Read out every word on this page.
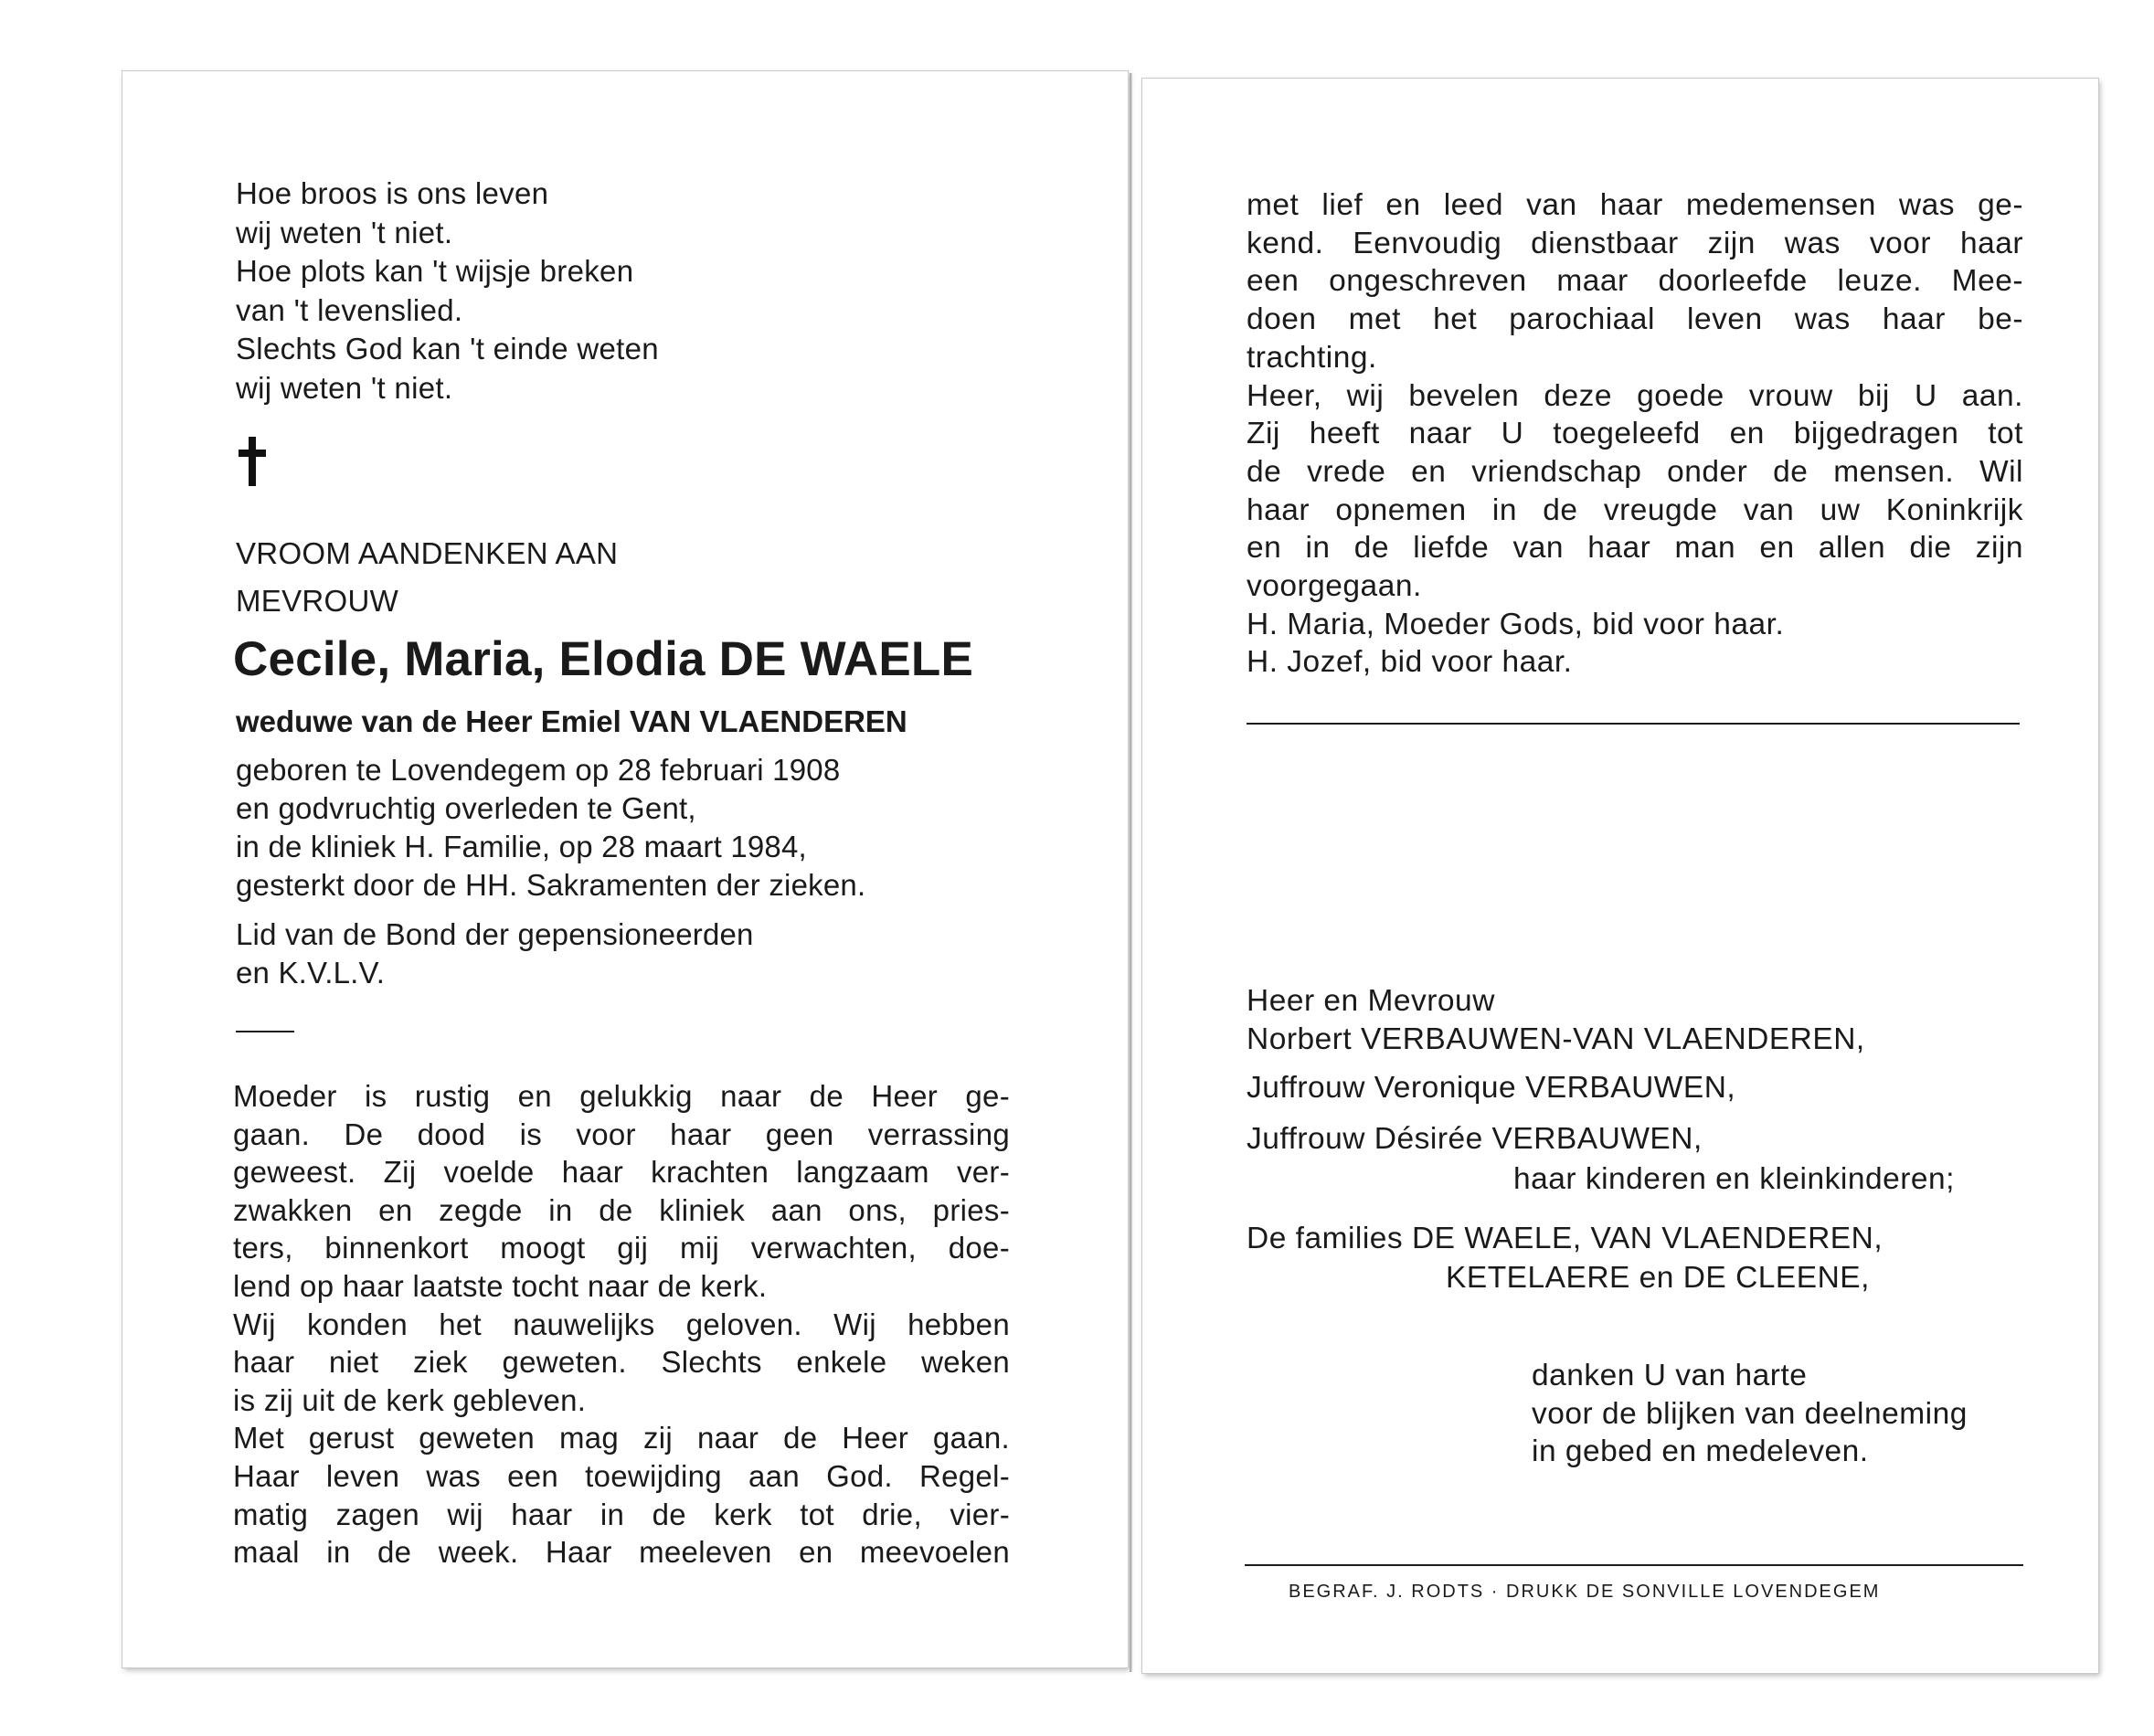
Hoe broos is ons leven
wij weten 't niet.
Hoe plots kan 't wijsje breken
van 't levenslied.
Slechts God kan 't einde weten
wij weten 't niet.
VROOM AANDENKEN AAN
MEVROUW
Cecile, Maria, Elodia DE WAELE
weduwe van de Heer Emiel VAN VLAENDEREN
geboren te Lovendegem op 28 februari 1908
en godvruchtig overleden te Gent,
in de kliniek H. Familie, op 28 maart 1984,
gesterkt door de HH. Sakramenten der zieken.
Lid van de Bond der gepensioneerden
en K.V.L.V.
Moeder is rustig en gelukkig naar de Heer ge-
gaan. De dood is voor haar geen verrassing
geweest. Zij voelde haar krachten langzaam ver-
zwakken en zegde in de kliniek aan ons, pries-
ters, binnenkort moogt gij mij verwachten, doe-
lend op haar laatste tocht naar de kerk.
Wij konden het nauwelijks geloven. Wij hebben
haar niet ziek geweten. Slechts enkele weken
is zij uit de kerk gebleven.
Met gerust geweten mag zij naar de Heer gaan.
Haar leven was een toewijding aan God. Regel-
matig zagen wij haar in de kerk tot drie, vier-
maal in de week. Haar meeleven en meevoelen
met lief en leed van haar medemensen was ge-
kend. Eenvoudig dienstbaar zijn was voor haar
een ongeschreven maar doorleefde leuze. Mee-
doen met het parochiaal leven was haar be-
trachting.
Heer, wij bevelen deze goede vrouw bij U aan.
Zij heeft naar U toegeleefd en bijgedragen tot
de vrede en vriendschap onder de mensen. Wil
haar opnemen in de vreugde van uw Koninkrijk
en in de liefde van haar man en allen die zijn
voorgegaan.
H. Maria, Moeder Gods, bid voor haar.
H. Jozef, bid voor haar.
Heer en Mevrouw
Norbert VERBAUWEN-VAN VLAENDEREN,
Juffrouw Veronique VERBAUWEN,
Juffrouw Désirée VERBAUWEN,
haar kinderen en kleinkinderen;
De families DE WAELE, VAN VLAENDEREN,
KETELAERE en DE CLEENE,
danken U van harte
voor de blijken van deelneming
in gebed en medeleven.
BEGRAF. J. RODTS · DRUKK DE SONVILLE LOVENDEGEM
